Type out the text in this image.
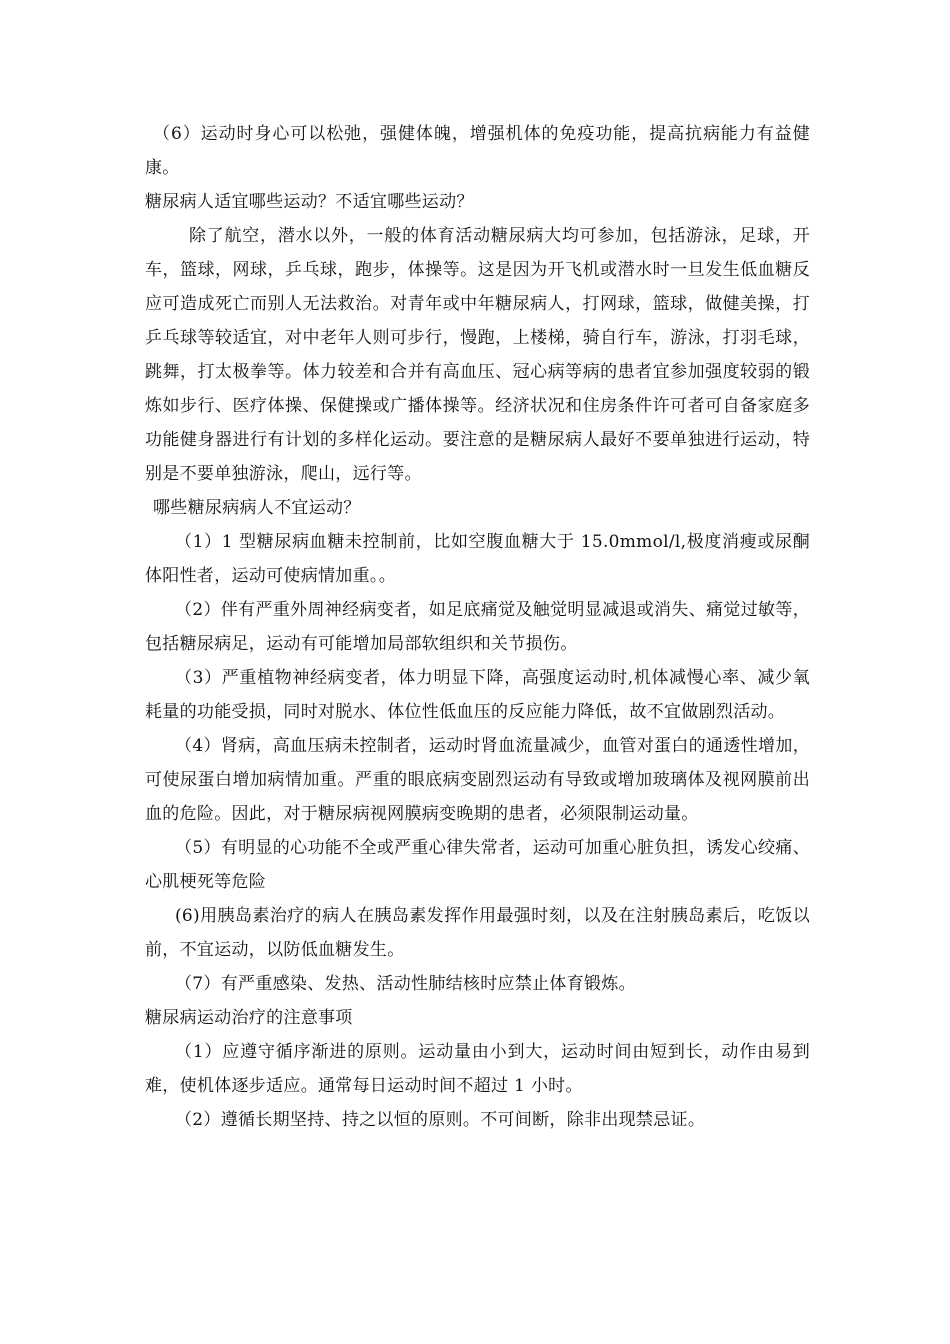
（6）运动时身心可以松弛，强健体魄，增强机体的免疫功能，提高抗病能力有益健康。

糖尿病人适宜哪些运动？不适宜哪些运动？

除了航空，潜水以外，一般的体育活动糖尿病大均可参加，包括游泳，足球，开车，篮球，网球，乒乓球，跑步，体操等。这是因为开飞机或潜水时一旦发生低血糖反应可造成死亡而别人无法救治。对青年或中年糖尿病人，打网球，篮球，做健美操，打乒乓球等较适宜，对中老年人则可步行，慢跑，上楼梯，骑自行车，游泳，打羽毛球，跳舞，打太极拳等。体力较差和合并有高血压、冠心病等病的患者宜参加强度较弱的锻炼如步行、医疗体操、保健操或广播体操等。经济状况和住房条件许可者可自备家庭多功能健身器进行有计划的多样化运动。要注意的是糖尿病人最好不要单独进行运动，特别是不要单独游泳，爬山，远行等。

哪些糖尿病病人不宜运动？

（1）1 型糖尿病血糖未控制前，比如空腹血糖大于 15.0mmol/l,极度消瘦或尿酮体阳性者，运动可使病情加重。。

（2）伴有严重外周神经病变者，如足底痛觉及触觉明显减退或消失、痛觉过敏等，包括糖尿病足，运动有可能增加局部软组织和关节损伤。

（3）严重植物神经病变者，体力明显下降，高强度运动时,机体减慢心率、减少氧耗量的功能受损，同时对脱水、体位性低血压的反应能力降低，故不宜做剧烈活动。

（4）肾病，高血压病未控制者，运动时肾血流量减少，血管对蛋白的通透性增加，可使尿蛋白增加病情加重。严重的眼底病变剧烈运动有导致或增加玻璃体及视网膜前出血的危险。因此，对于糖尿病视网膜病变晚期的患者，必须限制运动量。

（5）有明显的心功能不全或严重心律失常者，运动可加重心脏负担，诱发心绞痛、心肌梗死等危险

(6)用胰岛素治疗的病人在胰岛素发挥作用最强时刻，以及在注射胰岛素后，吃饭以前，不宜运动，以防低血糖发生。

（7）有严重感染、发热、活动性肺结核时应禁止体育锻炼。

糖尿病运动治疗的注意事项

（1）应遵守循序渐进的原则。运动量由小到大，运动时间由短到长，动作由易到难，使机体逐步适应。通常每日运动时间不超过 1 小时。

（2）遵循长期坚持、持之以恒的原则。不可间断，除非出现禁忌证。
